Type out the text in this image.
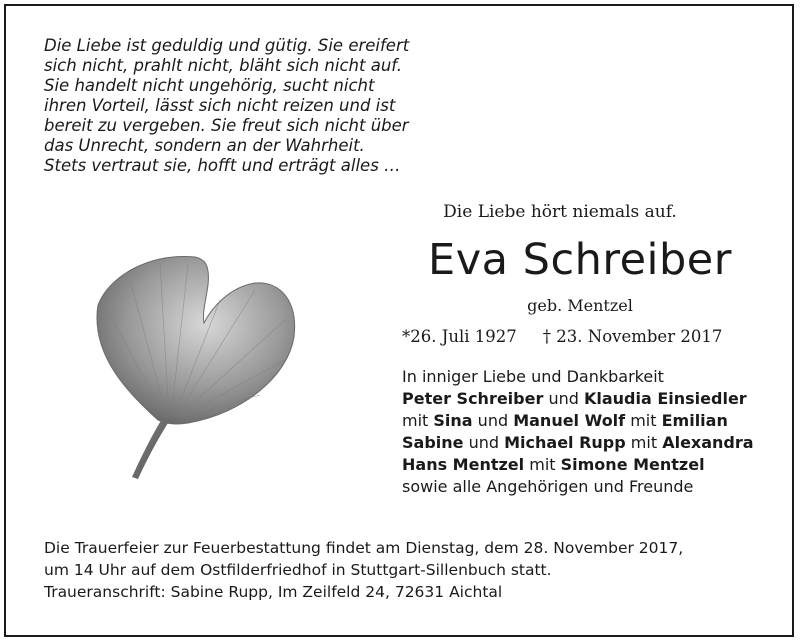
Die Liebe ist geduldig und gütig. Sie ereifert
sich nicht, prahlt nicht, bläht sich nicht auf.
Sie handelt nicht ungehörig, sucht nicht
ihren Vorteil, lässt sich nicht reizen und ist
bereit zu vergeben. Sie freut sich nicht über
das Unrecht, sondern an der Wahrheit.
Stets vertraut sie, hofft und erträgt alles …
Die Liebe hört niemals auf.
Eva Schreiber
geb. Mentzel
*26. Juli 1927 † 23. November 2017
In inniger Liebe und Dankbarkeit
Peter Schreiber und Klaudia Einsiedler
mit Sina und Manuel Wolf mit Emilian
Sabine und Michael Rupp mit Alexandra
Hans Mentzel mit Simone Mentzel
sowie alle Angehörigen und Freunde
Die Trauerfeier zur Feuerbestattung findet am Dienstag, dem 28. November 2017,
um 14 Uhr auf dem Ostfilderfriedhof in Stuttgart-Sillenbuch statt.
Traueranschrift: Sabine Rupp, Im Zeilfeld 24, 72631 Aichtal
